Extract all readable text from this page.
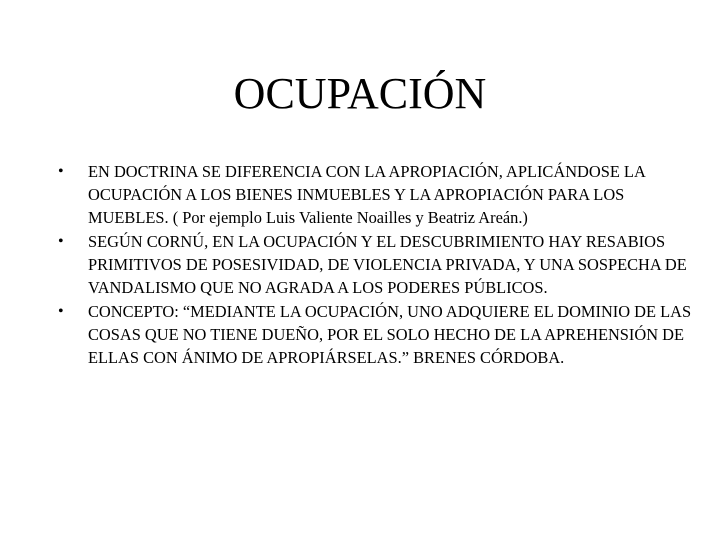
OCUPACIÓN
• EN DOCTRINA SE DIFERENCIA CON LA APROPIACIÓN, APLICÁNDOSE LA OCUPACIÓN A LOS BIENES INMUEBLES Y LA APROPIACIÓN PARA LOS MUEBLES. ( Por ejemplo Luis Valiente Noailles y Beatriz Areán.)
• SEGÚN CORNÚ, EN LA OCUPACIÓN Y EL DESCUBRIMIENTO HAY RESABIOS PRIMITIVOS DE POSESIVIDAD, DE VIOLENCIA PRIVADA, Y UNA SOSPECHA DE VANDALISMO QUE NO AGRADA A LOS PODERES PÚBLICOS.
• CONCEPTO: “MEDIANTE LA OCUPACIÓN, UNO ADQUIERE EL DOMINIO DE LAS COSAS QUE NO TIENE DUEÑO, POR EL SOLO HECHO DE LA APREHENSIÓN DE ELLAS CON ÁNIMO DE APROPIÁRSELAS.” BRENES CÓRDOBA.
